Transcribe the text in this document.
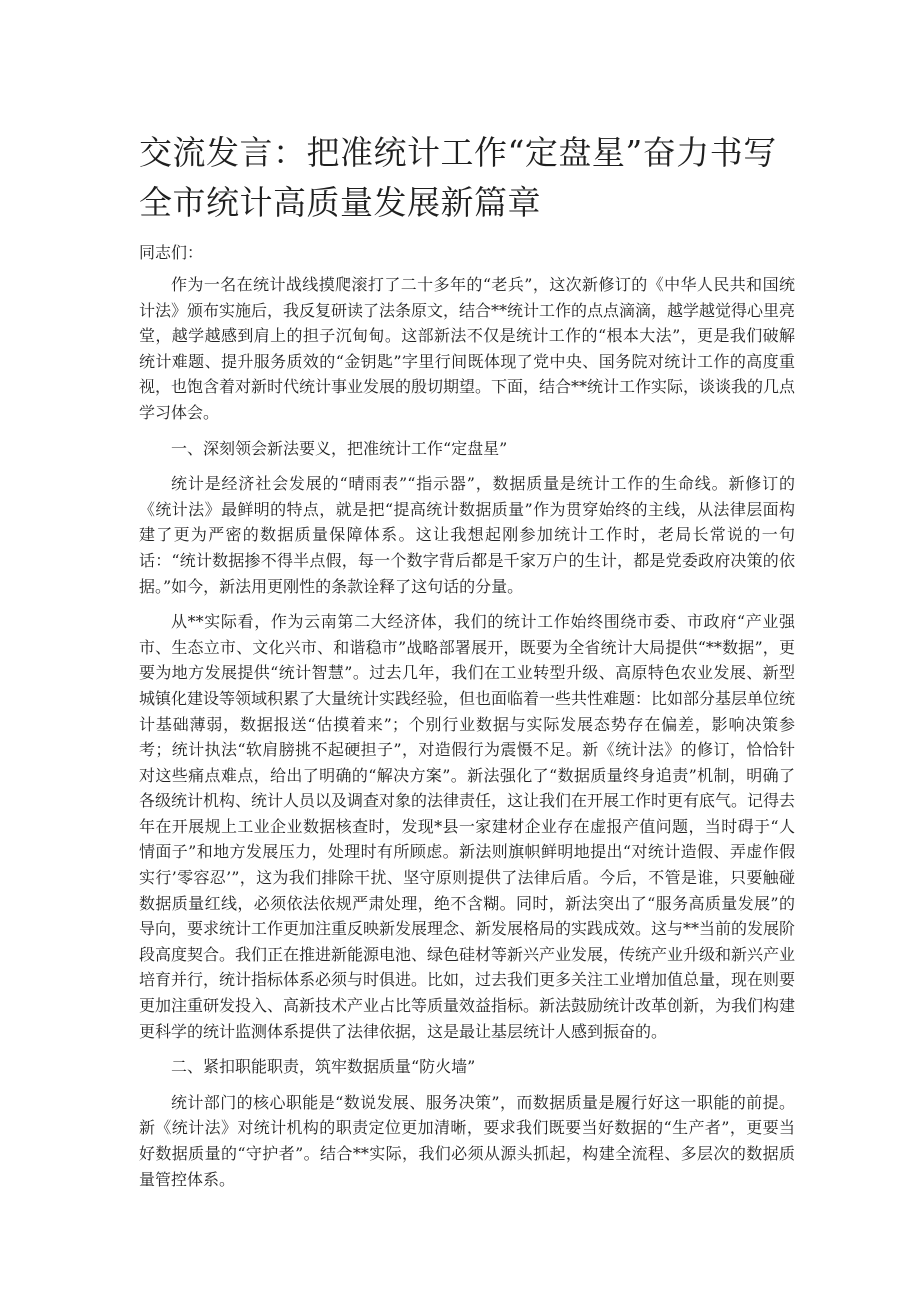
交流发言：把准统计工作“定盘星”奋力书写全市统计高质量发展新篇章

同志们：

作为一名在统计战线摸爬滚打了二十多年的“老兵”，这次新修订的《中华人民共和国统计法》颁布实施后，我反复研读了法条原文，结合**统计工作的点点滴滴，越学越觉得心里亮堂，越学越感到肩上的担子沉甸甸。这部新法不仅是统计工作的“根本大法”，更是我们破解统计难题、提升服务质效的“金钥匙”字里行间既体现了党中央、国务院对统计工作的高度重视，也饱含着对新时代统计事业发展的殷切期望。下面，结合**统计工作实际，谈谈我的几点学习体会。

一、深刻领会新法要义，把准统计工作“定盘星”

统计是经济社会发展的“晴雨表”“指示器”，数据质量是统计工作的生命线。新修订的《统计法》最鲜明的特点，就是把“提高统计数据质量”作为贯穿始终的主线，从法律层面构建了更为严密的数据质量保障体系。这让我想起刚参加统计工作时，老局长常说的一句话：“统计数据掺不得半点假，每一个数字背后都是千家万户的生计，都是党委政府决策的依据。”如今，新法用更刚性的条款诠释了这句话的分量。

从**实际看，作为云南第二大经济体，我们的统计工作始终围绕市委、市政府“产业强市、生态立市、文化兴市、和谐稳市”战略部署展开，既要为全省统计大局提供“**数据”，更要为地方发展提供“统计智慧”。过去几年，我们在工业转型升级、高原特色农业发展、新型城镇化建设等领域积累了大量统计实践经验，但也面临着一些共性难题：比如部分基层单位统计基础薄弱，数据报送“估摸着来”；个别行业数据与实际发展态势存在偏差，影响决策参考；统计执法“软肩膀挑不起硬担子”，对造假行为震慑不足。新《统计法》的修订，恰恰针对这些痛点难点，给出了明确的“解决方案”。新法强化了“数据质量终身追责”机制，明确了各级统计机构、统计人员以及调查对象的法律责任，这让我们在开展工作时更有底气。记得去年在开展规上工业企业数据核查时，发现*县一家建材企业存在虚报产值问题，当时碍于“人情面子”和地方发展压力，处理时有所顾虑。新法则旗帜鲜明地提出“对统计造假、弄虚作假实行’零容忍’”，这为我们排除干扰、坚守原则提供了法律后盾。今后，不管是谁，只要触碰数据质量红线，必须依法依规严肃处理，绝不含糊。同时，新法突出了“服务高质量发展”的导向，要求统计工作更加注重反映新发展理念、新发展格局的实践成效。这与**当前的发展阶段高度契合。我们正在推进新能源电池、绿色硅材等新兴产业发展，传统产业升级和新兴产业培育并行，统计指标体系必须与时俱进。比如，过去我们更多关注工业增加值总量，现在则要更加注重研发投入、高新技术产业占比等质量效益指标。新法鼓励统计改革创新，为我们构建更科学的统计监测体系提供了法律依据，这是最让基层统计人感到振奋的。

二、紧扣职能职责，筑牢数据质量“防火墙”

统计部门的核心职能是“数说发展、服务决策”，而数据质量是履行好这一职能的前提。新《统计法》对统计机构的职责定位更加清晰，要求我们既要当好数据的“生产者”，更要当好数据质量的“守护者”。结合**实际，我们必须从源头抓起，构建全流程、多层次的数据质量管控体系。
